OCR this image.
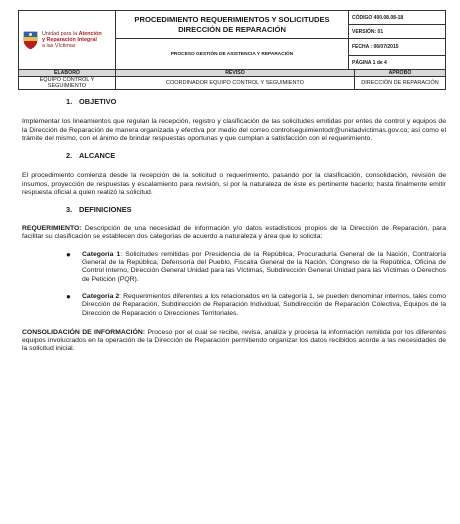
Unidad para la Atención
y Reparación Integral
a las Víctimas	PROCEDIMIENTO REQUERIMIENTOS Y SOLICITUDES DIRECCIÓN DE REPARACIÓN	CÓDIGO 400.08.08-18
		VERSIÓN: 01

	PROCESO GESTIÓN DE ASISTENCIA Y REPARACIÓN	FECHA : 06/07/2015
		PÁGINA 1 de 4
ELABORÓ	REVISÓ	APROBÓ
EQUIPO CONTROL Y SEGUIMIENTO	COORDINADOR EQUIPO CONTROL Y SEGUIMIENTO	DIRECCIÓN DE REPARACIÓN
1. OBJETIVO

Implementar los lineamientos que regulan la recepción, registro y clasificación de las solicitudes emitidas por entes de control y equipos de la Dirección de Reparación de manera organizada y efectiva por medio del correo controlseguimientodr@unidadvictimas.gov.co; así como el trámite del mismo, con el ánimo de brindar respuestas oportunas y que cumplan a satisfacción con el requerimiento.

2. ALCANCE

El procedimiento comienza desde la recepción de la solicitud o requerimiento, pasando por la clasificación, consolidación, revisión de insumos, proyección de respuestas y escalamiento para revisión, si por la naturaleza de éste es pertinente hacerlo; hasta finalmente emitir respuesta oficial a quien realizó la solicitud.

3. DEFINICIONES

REQUERIMIENTO: Descripción de una necesidad de información y/o datos estadísticos propios de la Dirección de Reparación, para facilitar su clasificación se establecen dos categorías de acuerdo a naturaleza y área que lo solicita:

● Categoría 1: Solicitudes remitidas por Presidencia de la República, Procuraduría General de la Nación, Contraloría General de la República, Defensoría del Pueblo, Fiscalía General de la Nación, Congreso de la República, Oficina de Control Interno, Dirección General Unidad para las Víctimas, Subdirección General Unidad para las Víctimas o Derechos de Petición (PQR).
● Categoría 2: Requerimientos diferentes a los relacionados en la categoría 1, se pueden denominar internos, tales como Dirección de Reparación, Subdirección de Reparación Individual, Subdirección de Reparación Colectiva, Equipos de la Dirección de Reparación o Direcciones Territoriales.

CONSOLIDACIÓN DE INFORMACIÓN: Proceso por el cual se recibe, revisa, analiza y procesa la información remitida por los diferentes equipos involucrados en la operación de la Dirección de Reparación permitiendo organizar los datos recibidos acorde a las necesidades de la solicitud inicial.
